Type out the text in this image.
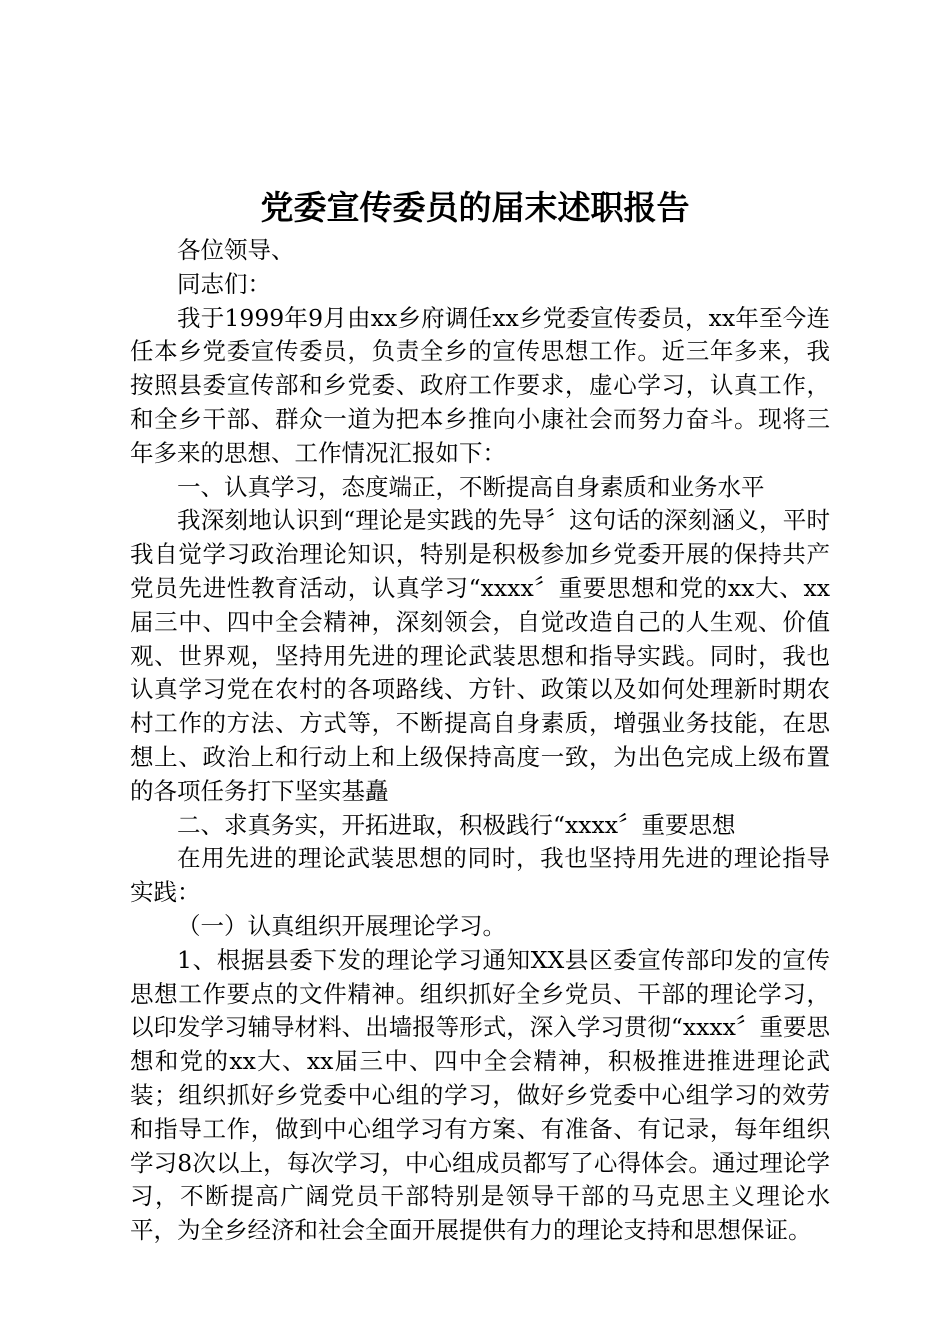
党委宣传委员的届末述职报告

各位领导、

同志们：

我于1999年9月由xx乡府调任xx乡党委宣传委员，xx年至今连任本乡党委宣传委员，负责全乡的宣传思想工作。近三年多来，我按照县委宣传部和乡党委、政府工作要求，虚心学习，认真工作，和全乡干部、群众一道为把本乡推向小康社会而努力奋斗。现将三年多来的思想、工作情况汇报如下：

一、认真学习，态度端正，不断提高自身素质和业务水平

我深刻地认识到“理论是实践的先导〞这句话的深刻涵义，平时我自觉学习政治理论知识，特别是积极参加乡党委开展的保持共产党员先进性教育活动，认真学习“xxxx〞重要思想和党的xx大、xx届三中、四中全会精神，深刻领会，自觉改造自己的人生观、价值观、世界观，坚持用先进的理论武装思想和指导实践。同时，我也认真学习党在农村的各项路线、方针、政策以及如何处理新时期农村工作的方法、方式等，不断提高自身素质，增强业务技能，在思想上、政治上和行动上和上级保持高度一致，为出色完成上级布置的各项任务打下坚实基矗

二、求真务实，开拓进取，积极践行“xxxx〞重要思想

在用先进的理论武装思想的同时，我也坚持用先进的理论指导实践：

（一）认真组织开展理论学习。

1、根据县委下发的理论学习通知XX县区委宣传部印发的宣传思想工作要点的文件精神。组织抓好全乡党员、干部的理论学习，以印发学习辅导材料、出墙报等形式，深入学习贯彻“xxxx〞重要思想和党的xx大、xx届三中、四中全会精神，积极推进推进理论武装；组织抓好乡党委中心组的学习，做好乡党委中心组学习的效劳和指导工作，做到中心组学习有方案、有准备、有记录，每年组织学习8次以上，每次学习，中心组成员都写了心得体会。通过理论学习，不断提高广阔党员干部特别是领导干部的马克思主义理论水平，为全乡经济和社会全面开展提供有力的理论支持和思想保证。
